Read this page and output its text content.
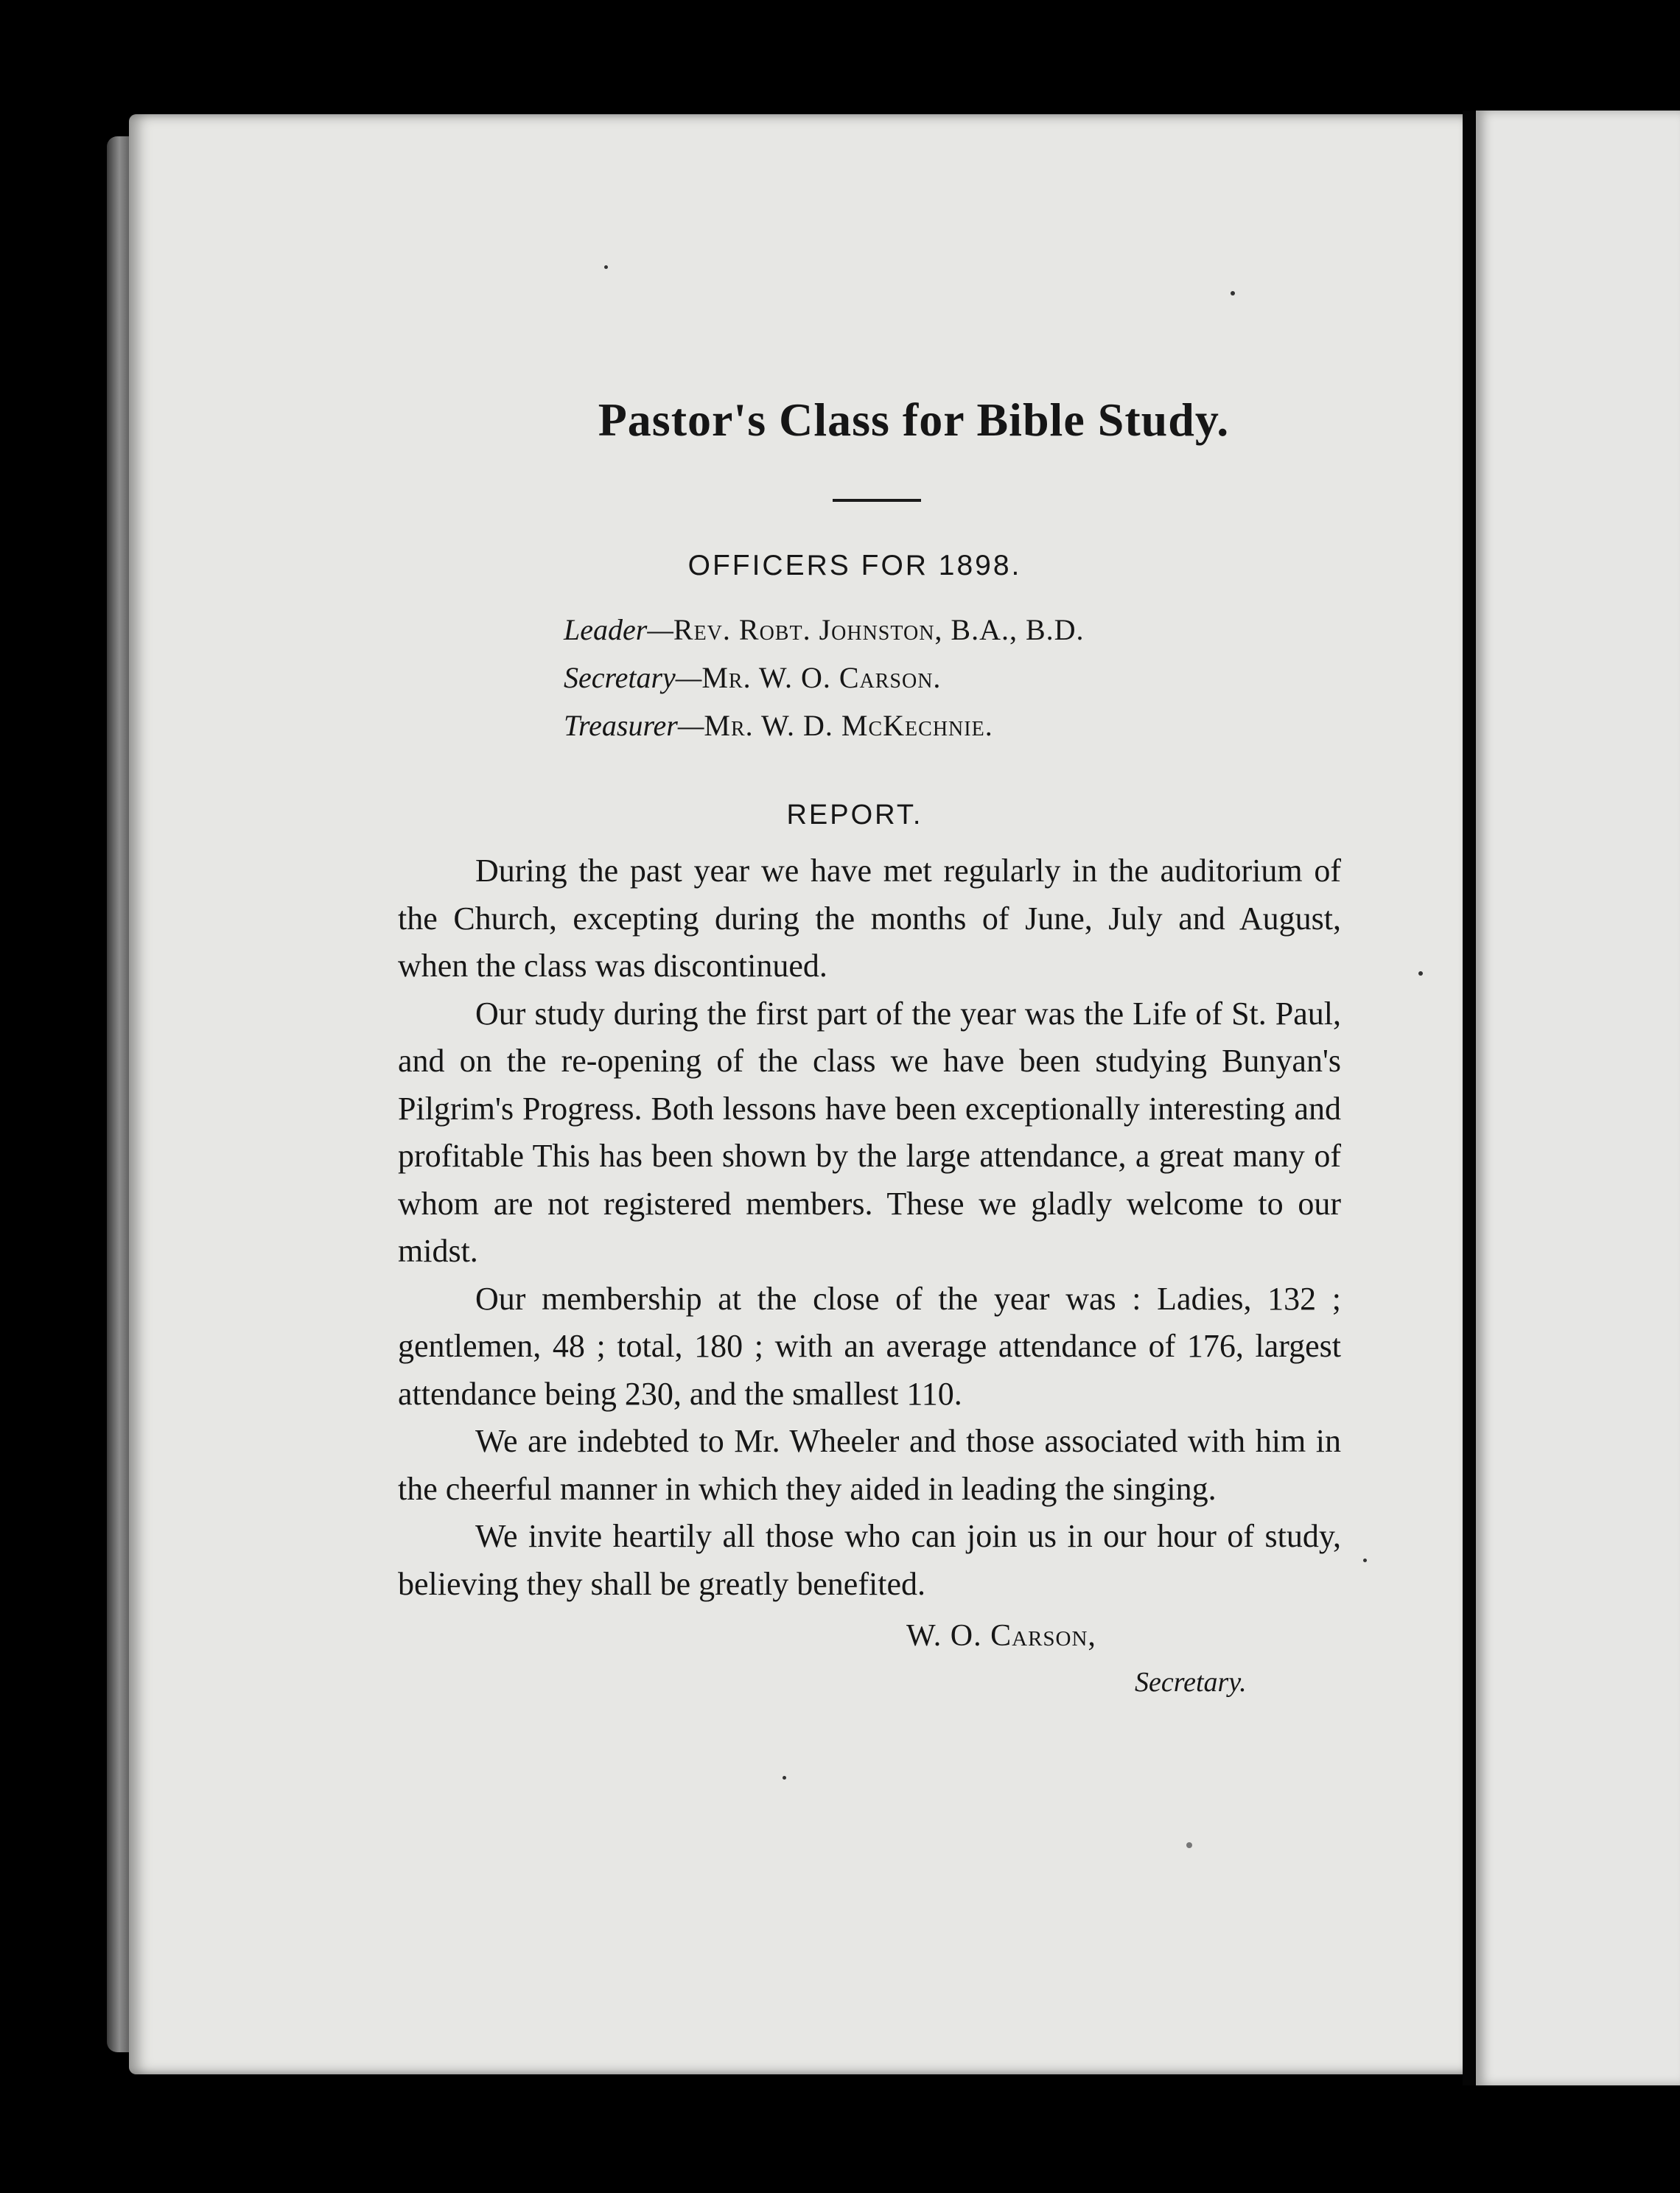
Pastor's Class for Bible Study.
OFFICERS FOR 1898.
Leader—Rev. Robt. Johnston, B.A., B.D.
Secretary—Mr. W. O. Carson.
Treasurer—Mr. W. D. McKechnie.
REPORT.

During the past year we have met regularly in the auditorium of the Church, excepting during the months of June, July and August, when the class was discontinued.

Our study during the first part of the year was the Life of St. Paul, and on the re-opening of the class we have been studying Bunyan's Pilgrim's Progress. Both lessons have been exceptionally interesting and profitable This has been shown by the large attendance, a great many of whom are not registered members. These we gladly welcome to our midst.

Our membership at the close of the year was : Ladies, 132 ; gentlemen, 48 ; total, 180 ; with an average attendance of 176, largest attendance being 230, and the smallest 110.

We are indebted to Mr. Wheeler and those associated with him in the cheerful manner in which they aided in leading the singing.

We invite heartily all those who can join us in our hour of study, believing they shall be greatly benefited.

W. O. Carson,
Secretary.
